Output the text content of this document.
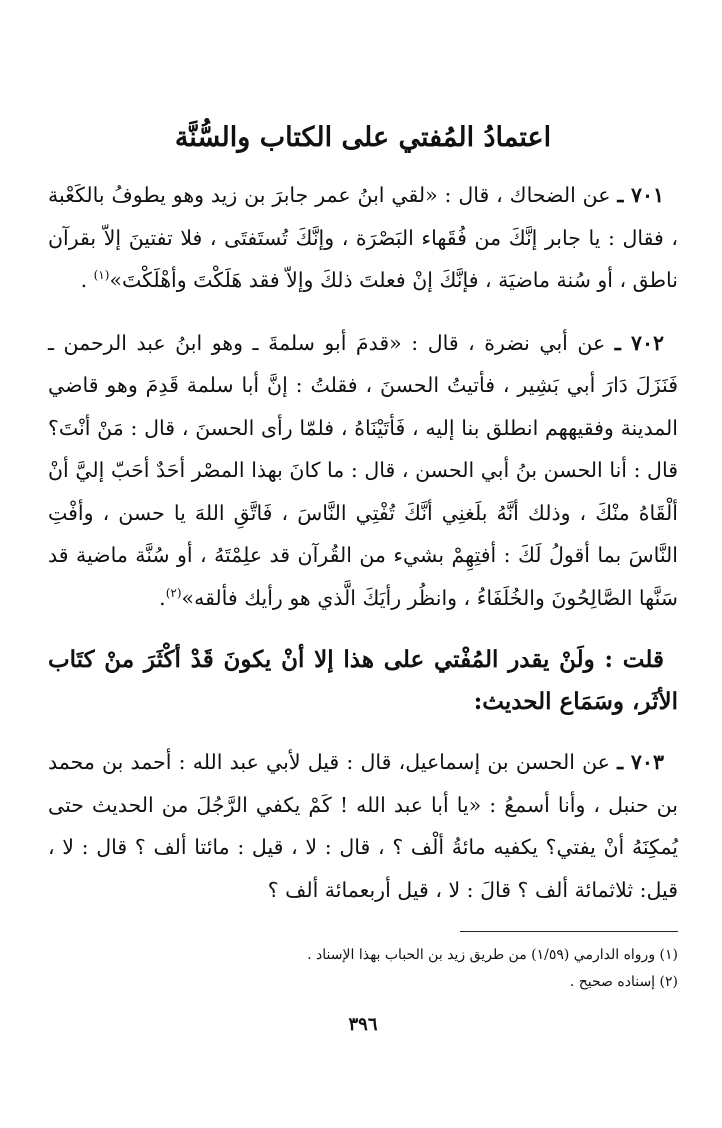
اعتمادُ المُفتي على الكتاب والسُّنَّة
٧٠١ ـ عن الضحاك ، قال : «لقي ابنُ عمر جابرَ بن زيد وهو يطوفُ بالكَعْبة ، فقال : يا جابر إنَّكَ من فُقَهاء البَصْرَة ، وإنَّكَ تُستَفتَى ، فلا تفتينَ إلاّ بقرآن ناطق ، أو سُنة ماضيَة ، فإنَّكَ إنْ فعلتَ ذلكَ وإلاّ فقد هَلَكْتَ وأهْلَكْتَ»$^{(١)}$ .
٧٠٢ ـ عن أبي نضرة ، قال : «قدمَ أبو سلمةَ ـ وهو ابنُ عبد الرحمن ـ فَنَزَلَ دَارَ أبي بَشِير ، فأتيتُ الحسنَ ، فقلتُ : إنَّ أبا سلمة قَدِمَ وهو قاضي المدينة وفقيههم انطلق بنا إليه ، فَأتَيْنَاهُ ، فلمّا رأى الحسنَ ، قال : مَنْ أنْتَ؟ قال : أنا الحسن بنُ أبي الحسن ، قال : ما كانَ بهذا المصْر أحَدٌ أحَبّ إليَّ أنْ ألْقَاهُ منْكَ ، وذلك أنَّهُ بلَغنِي أنَّكَ تُفْتِي النَّاسَ ، فَاتَّقِ اللهَ يا حسن ، وأفْتِ النَّاسَ بما أقولُ لَكَ : أفتِهِمْ بشيء من القُرآن قد علِمْتَهُ ، أو سُنَّة ماضية قد سَنَّها الصَّالِحُونَ والخُلَفَاءُ ، وانظُر رأيَكَ الَّذي هو رأيك فألقه»$^{(٢)}$.
قلت : ولَنْ يقدر المُفْتي على هذا إلا أنْ يكونَ قَدْ أكْثَرَ منْ كتَاب الأثَر، وسَمَاع الحديث:
٧٠٣ ـ عن الحسن بن إسماعيل، قال : قيل لأبي عبد الله : أحمد بن محمد بن حنبل ، وأنا أسمعُ : «يا أبا عبد الله ! كَمْ يكفي الرَّجُلَ من الحديث حتى يُمكِنَهُ أنْ يفتي؟ يكفيه مائةُ ألْف ؟ ، قال : لا ، قيل : مائتا ألف ؟ قال : لا ، قيل: ثلاثمائة ألف ؟ قالَ : لا ، قيل أربعمائة ألف ؟
(١) ورواه الدارمي (١/٥٩) من طريق زيد بن الحباب بهذا الإسناد .
(٢) إسناده صحيح .
٣٩٦
